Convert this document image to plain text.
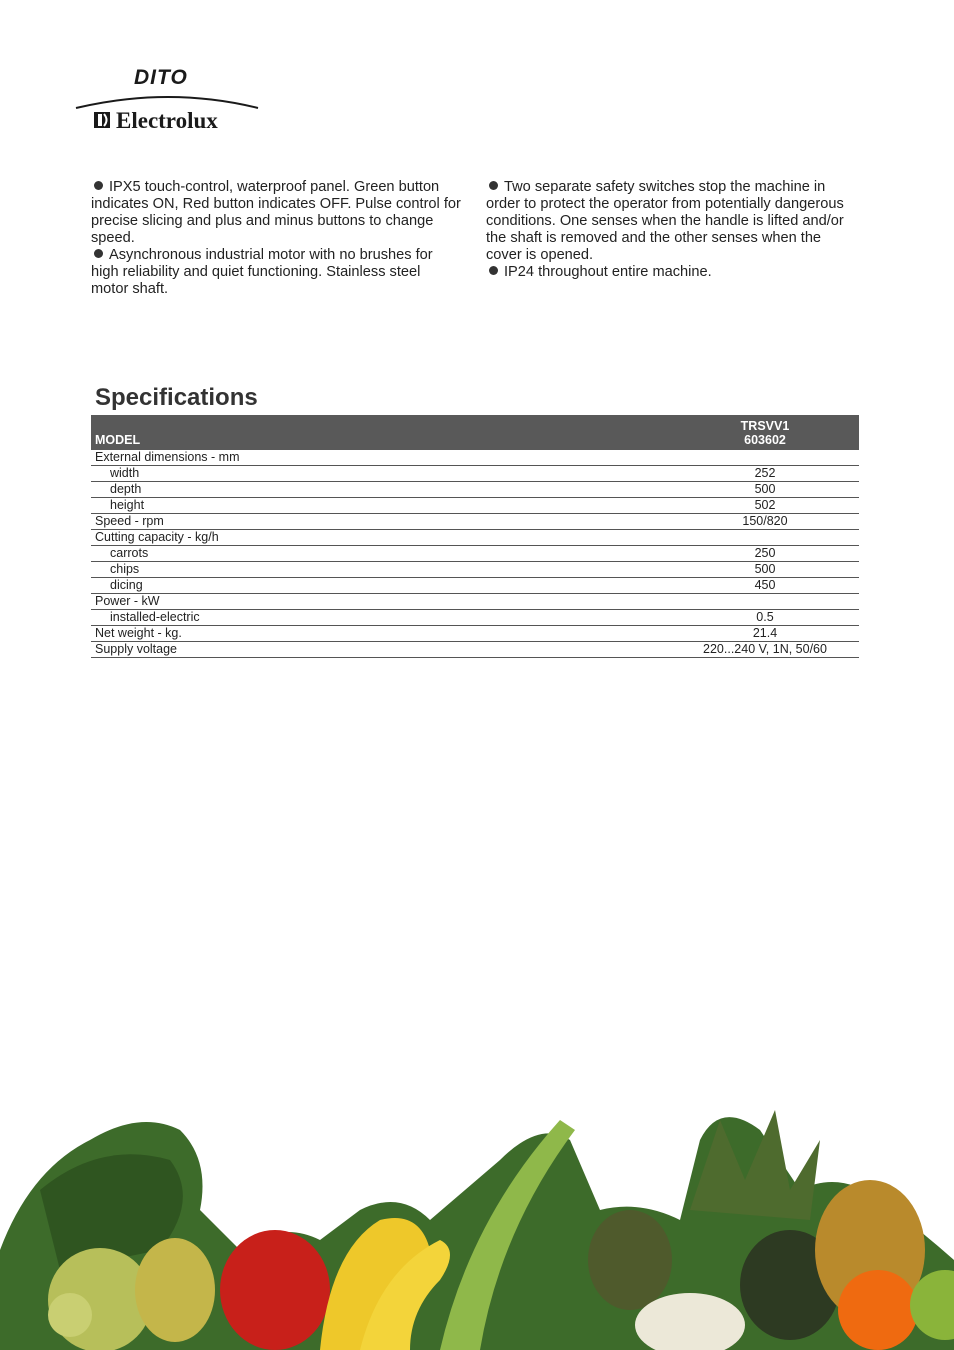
DITO
Electrolux

IPX5 touch-control, waterproof panel. Green button indicates ON, Red button indicates OFF. Pulse control for precise slicing and plus and minus buttons to change speed.

Asynchronous industrial motor with no brushes for high reliability and quiet functioning. Stainless steel motor shaft.

Two separate safety switches stop the machine in order to protect the operator from potentially dangerous conditions. One senses when the handle is lifted and/or the shaft is removed and the other senses when the cover is opened.

IP24 throughout entire machine.

Specifications
MODEL	TRSVV1
603602
External dimensions - mm	
width	252
depth	500
height	502
Speed - rpm	150/820
Cutting capacity - kg/h	
carrots	250
chips	500
dicing	450
Power - kW	
installed-electric	0.5
Net weight - kg.	21.4
Supply voltage	220...240 V, 1N, 50/60
